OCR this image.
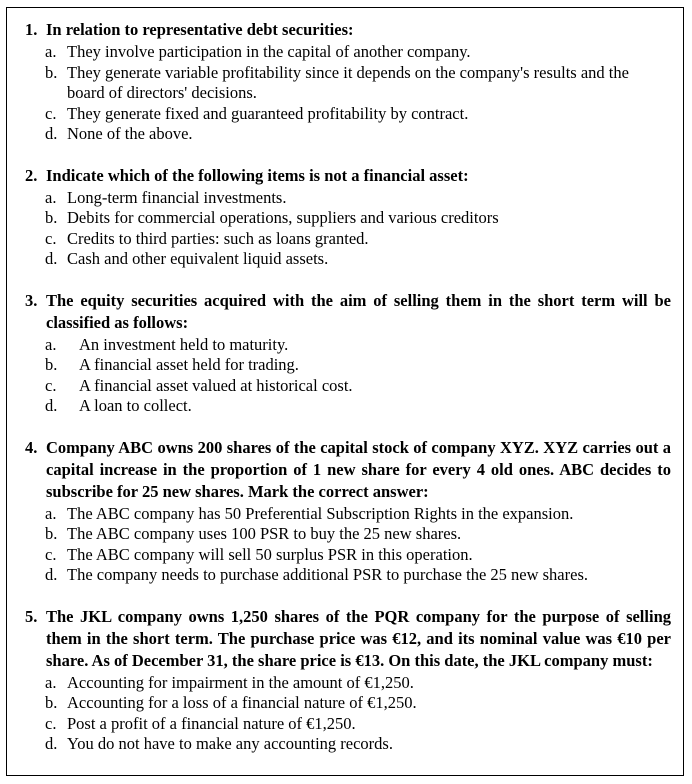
1. In relation to representative debt securities:
a. They involve participation in the capital of another company.
b. They generate variable profitability since it depends on the company's results and the board of directors' decisions.
c. They generate fixed and guaranteed profitability by contract.
d. None of the above.
2. Indicate which of the following items is not a financial asset:
a. Long-term financial investments.
b. Debits for commercial operations, suppliers and various creditors
c. Credits to third parties: such as loans granted.
d. Cash and other equivalent liquid assets.
3. The equity securities acquired with the aim of selling them in the short term will be classified as follows:
a.	An investment held to maturity.
b.	A financial asset held for trading.
c.	A financial asset valued at historical cost.
d.	A loan to collect.
4. Company ABC owns 200 shares of the capital stock of company XYZ. XYZ carries out a capital increase in the proportion of 1 new share for every 4 old ones. ABC decides to subscribe for 25 new shares. Mark the correct answer:
a. The ABC company has 50 Preferential Subscription Rights in the expansion.
b. The ABC company uses 100 PSR to buy the 25 new shares.
c. The ABC company will sell 50 surplus PSR in this operation.
d. The company needs to purchase additional PSR to purchase the 25 new shares.
5. The JKL company owns 1,250 shares of the PQR company for the purpose of selling them in the short term. The purchase price was €12, and its nominal value was €10 per share. As of December 31, the share price is €13. On this date, the JKL company must:
a. Accounting for impairment in the amount of €1,250.
b. Accounting for a loss of a financial nature of €1,250.
c. Post a profit of a financial nature of €1,250.
d. You do not have to make any accounting records.
